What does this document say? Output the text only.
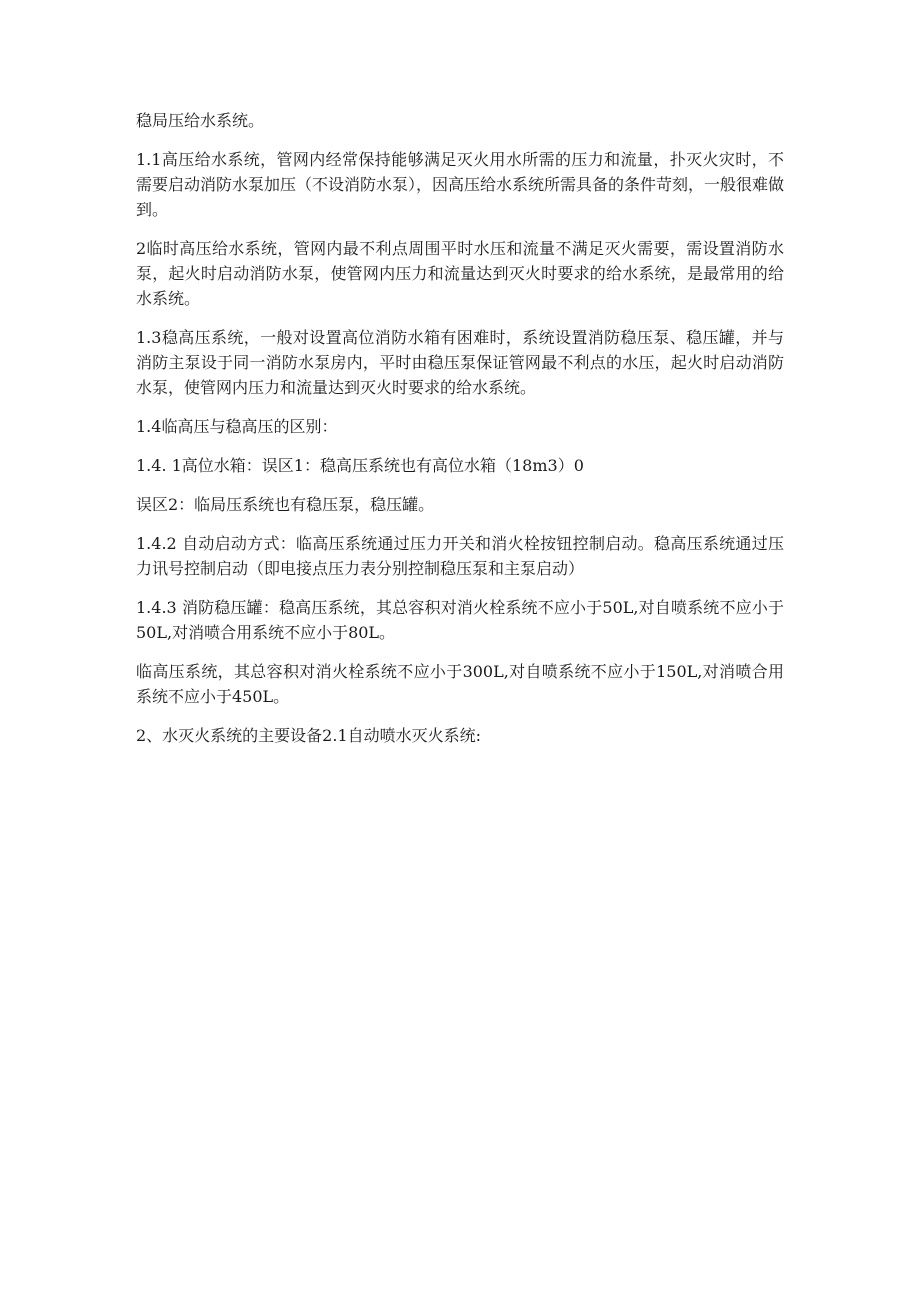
稳局压给水系统。

1.1高压给水系统，管网内经常保持能够满足灭火用水所需的压力和流量，扑灭火灾时，不需要启动消防水泵加压（不设消防水泵），因高压给水系统所需具备的条件苛刻，一般很难做到。

2临时高压给水系统，管网内最不利点周围平时水压和流量不满足灭火需要，需设置消防水泵，起火时启动消防水泵，使管网内压力和流量达到灭火时要求的给水系统，是最常用的给水系统。

1.3稳高压系统，一般对设置高位消防水箱有困难时，系统设置消防稳压泵、稳压罐，并与消防主泵设于同一消防水泵房内，平时由稳压泵保证管网最不利点的水压，起火时启动消防水泵，使管网内压力和流量达到灭火时要求的给水系统。

1.4临高压与稳高压的区别：

1.4. 1高位水箱：误区1：稳高压系统也有高位水箱（18m3）0

误区2：临局压系统也有稳压泵，稳压罐。

1.4.2 自动启动方式：临高压系统通过压力开关和消火栓按钮控制启动。稳高压系统通过压力讯号控制启动（即电接点压力表分别控制稳压泵和主泵启动）

1.4.3 消防稳压罐：稳高压系统，其总容积对消火栓系统不应小于50L,对自喷系统不应小于50L,对消喷合用系统不应小于80L。

临高压系统，其总容积对消火栓系统不应小于300L,对自喷系统不应小于150L,对消喷合用系统不应小于450L。

2、水灭火系统的主要设备2.1自动喷水灭火系统:
